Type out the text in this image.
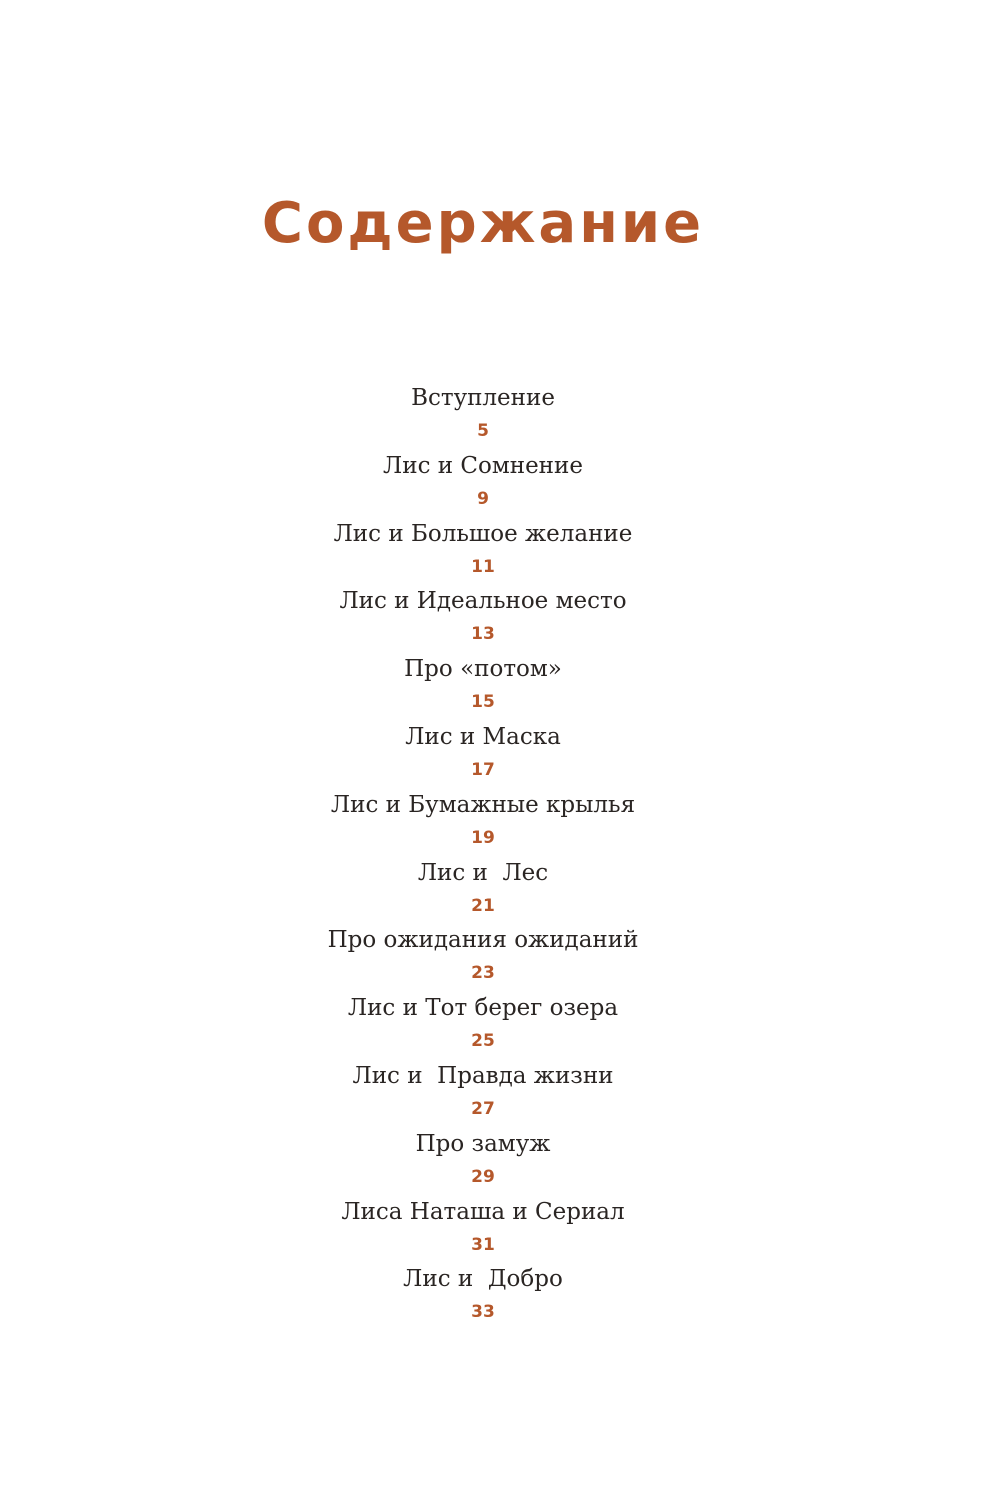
Содержание
Вступление
5
Лис и Сомнение
9
Лис и Большое желание
11
Лис и Идеальное место
13
Про «потом»
15
Лис и Маска
17
Лис и Бумажные крылья
19
Лис и  Лес
21
Про ожидания ожиданий
23
Лис и Тот берег озера
25
Лис и  Правда жизни
27
Про замуж
29
Лиса Наташа и Сериал
31
Лис и  Добро
33
